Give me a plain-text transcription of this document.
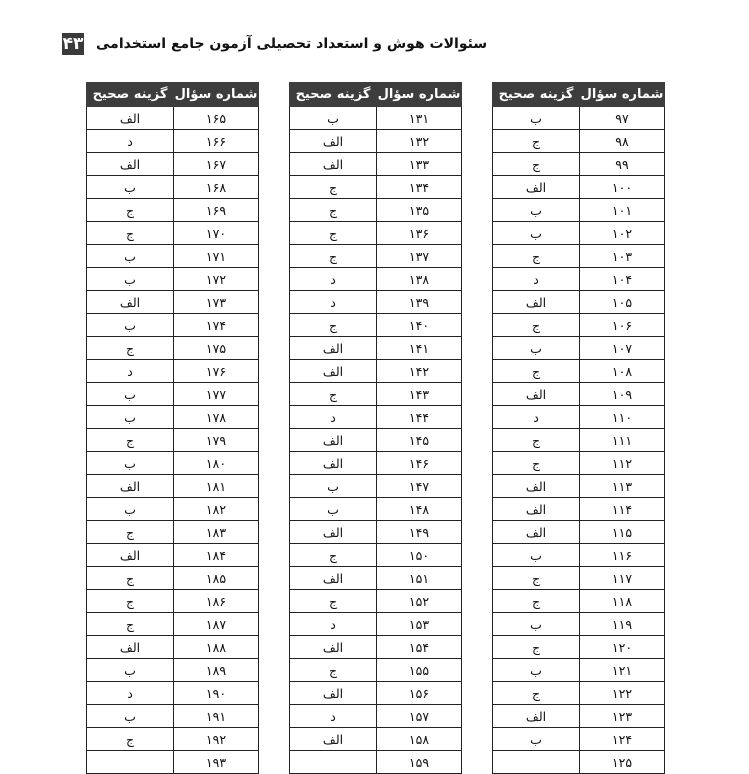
۴۳ سئوالات هوش و استعداد تحصیلی آزمون جامع استخدامی
شماره سؤال	گزینه صحیح
۱۶۵	الف
۱۶۶	د
۱۶۷	الف
۱۶۸	ب
۱۶۹	ج
۱۷۰	ج
۱۷۱	ب
۱۷۲	ب
۱۷۳	الف
۱۷۴	ب
۱۷۵	ج
۱۷۶	د
۱۷۷	ب
۱۷۸	ب
۱۷۹	ج
۱۸۰	ب
۱۸۱	الف
۱۸۲	ب
۱۸۳	ج
۱۸۴	الف
۱۸۵	ج
۱۸۶	ج
۱۸۷	ج
۱۸۸	الف
۱۸۹	ب
۱۹۰	د
۱۹۱	ب
۱۹۲	ج
۱۹۳	
شماره سؤال	گزینه صحیح
۱۳۱	ب
۱۳۲	الف
۱۳۳	الف
۱۳۴	ج
۱۳۵	ج
۱۳۶	ج
۱۳۷	ج
۱۳۸	د
۱۳۹	د
۱۴۰	ج
۱۴۱	الف
۱۴۲	الف
۱۴۳	ج
۱۴۴	د
۱۴۵	الف
۱۴۶	الف
۱۴۷	ب
۱۴۸	ب
۱۴۹	الف
۱۵۰	ج
۱۵۱	الف
۱۵۲	ج
۱۵۳	د
۱۵۴	الف
۱۵۵	ج
۱۵۶	الف
۱۵۷	د
۱۵۸	الف
۱۵۹	
شماره سؤال	گزینه صحیح
۹۷	ب
۹۸	ج
۹۹	ج
۱۰۰	الف
۱۰۱	ب
۱۰۲	ب
۱۰۳	ج
۱۰۴	د
۱۰۵	الف
۱۰۶	ج
۱۰۷	ب
۱۰۸	ج
۱۰۹	الف
۱۱۰	د
۱۱۱	ج
۱۱۲	ج
۱۱۳	الف
۱۱۴	الف
۱۱۵	الف
۱۱۶	ب
۱۱۷	ج
۱۱۸	ج
۱۱۹	ب
۱۲۰	ج
۱۲۱	ب
۱۲۲	ج
۱۲۳	الف
۱۲۴	ب
۱۲۵	
